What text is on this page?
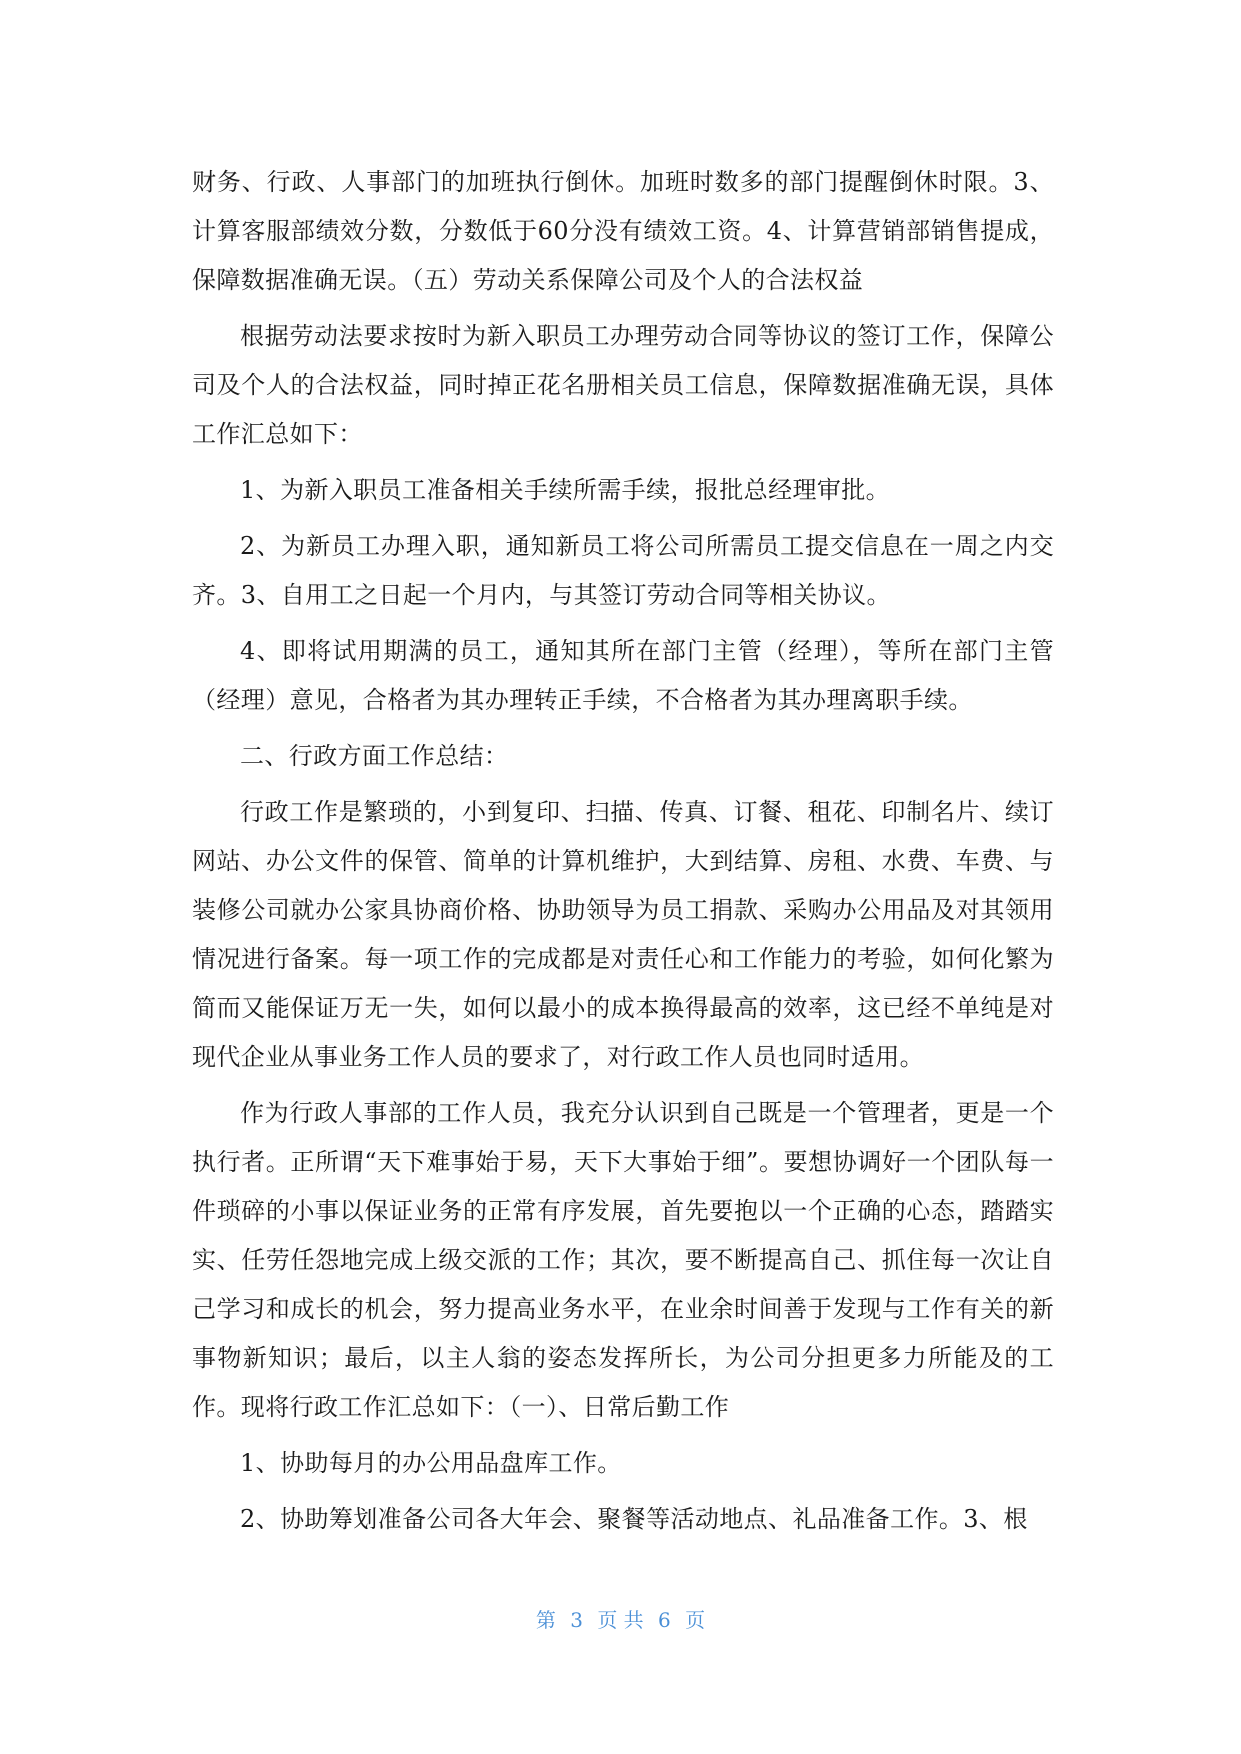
财务、行政、人事部门的加班执行倒休。加班时数多的部门提醒倒休时限。3、计算客服部绩效分数，分数低于60分没有绩效工资。4、计算营销部销售提成，保障数据准确无误。（五）劳动关系保障公司及个人的合法权益

根据劳动法要求按时为新入职员工办理劳动合同等协议的签订工作，保障公司及个人的合法权益，同时掉正花名册相关员工信息，保障数据准确无误，具体工作汇总如下：

1、为新入职员工准备相关手续所需手续，报批总经理审批。

2、为新员工办理入职，通知新员工将公司所需员工提交信息在一周之内交齐。3、自用工之日起一个月内，与其签订劳动合同等相关协议。

4、即将试用期满的员工，通知其所在部门主管（经理），等所在部门主管（经理）意见，合格者为其办理转正手续，不合格者为其办理离职手续。

二、行政方面工作总结：

行政工作是繁琐的，小到复印、扫描、传真、订餐、租花、印制名片、续订网站、办公文件的保管、简单的计算机维护，大到结算、房租、水费、车费、与装修公司就办公家具协商价格、协助领导为员工捐款、采购办公用品及对其领用情况进行备案。每一项工作的完成都是对责任心和工作能力的考验，如何化繁为简而又能保证万无一失，如何以最小的成本换得最高的效率，这已经不单纯是对现代企业从事业务工作人员的要求了，对行政工作人员也同时适用。

作为行政人事部的工作人员，我充分认识到自己既是一个管理者，更是一个执行者。正所谓“天下难事始于易，天下大事始于细”。要想协调好一个团队每一件琐碎的小事以保证业务的正常有序发展，首先要抱以一个正确的心态，踏踏实实、任劳任怨地完成上级交派的工作；其次，要不断提高自己、抓住每一次让自己学习和成长的机会，努力提高业务水平，在业余时间善于发现与工作有关的新事物新知识；最后，以主人翁的姿态发挥所长，为公司分担更多力所能及的工作。现将行政工作汇总如下：（一）、日常后勤工作

1、协助每月的办公用品盘库工作。

2、协助筹划准备公司各大年会、聚餐等活动地点、礼品准备工作。3、根

第 3 页 共 6 页
